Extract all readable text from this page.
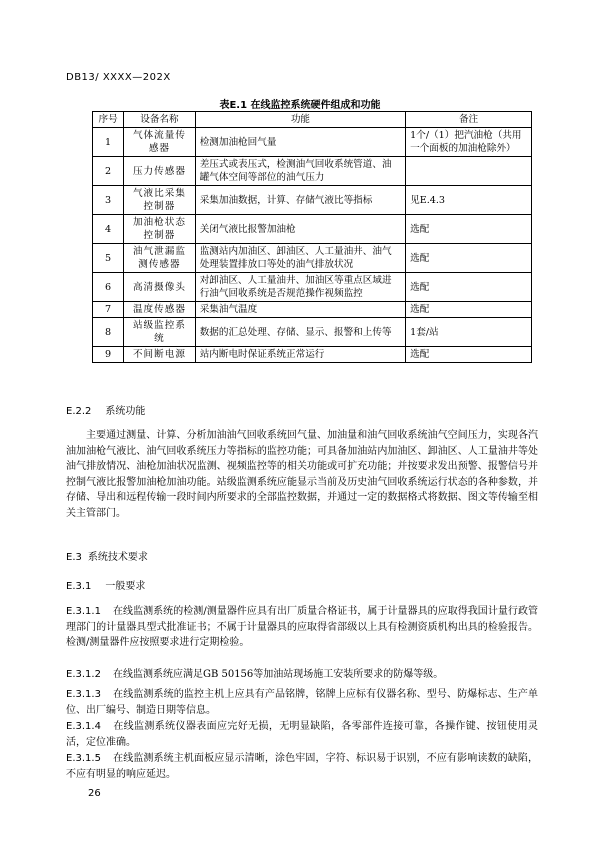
DB13/ XXXX—202X
表E.1 在线监控系统硬件组成和功能
序号	设备名称	功能	备注
1	气体流量传感器	检测加油枪回气量	1个/（1）把汽油枪（共用一个面板的加油枪除外）
2	压力传感器	差压式或表压式，检测油气回收系统管道、油罐气体空间等部位的油气压力	
3	气液比采集控制器	采集加油数据，计算、存储气液比等指标	见E.4.3
4	加油枪状态控制器	关闭气液比报警加油枪	选配
5	油气泄漏监测传感器	监测站内加油区、卸油区、人工量油井、油气处理装置排放口等处的油气排放状况	选配
6	高清摄像头	对卸油区、人工量油井、加油区等重点区域进行油气回收系统是否规范操作视频监控	选配
7	温度传感器	采集油气温度	选配
8	站级监控系统	数据的汇总处理、存储、显示、报警和上传等	1套/站
9	不间断电源	站内断电时保证系统正常运行	选配
E.2.2 系统功能
主要通过测量、计算、分析加油油气回收系统回气量、加油量和油气回收系统油气空间压力，实现各汽油加油枪气液比、油气回收系统压力等指标的监控功能；可具备加油站内加油区、卸油区、人工量油井等处油气排放情况、油枪加油状况监测、视频监控等的相关功能或可扩充功能；并按要求发出预警、报警信号并控制气液比报警加油枪加油功能。站级监测系统应能显示当前及历史油气回收系统运行状态的各种参数，并存储、导出和远程传输一段时间内所要求的全部监控数据，并通过一定的数据格式将数据、图文等传输至相关主管部门。
E.3 系统技术要求
E.3.1 一般要求
E.3.1.1 在线监测系统的检测/测量器件应具有出厂质量合格证书，属于计量器具的应取得我国计量行政管理部门的计量器具型式批准证书；不属于计量器具的应取得省部级以上具有检测资质机构出具的检验报告。检测/测量器件应按照要求进行定期检验。
E.3.1.2 在线监测系统应满足GB 50156等加油站现场施工安装所要求的防爆等级。
E.3.1.3 在线监测系统的监控主机上应具有产品铭牌，铭牌上应标有仪器名称、型号、防爆标志、生产单位、出厂编号、制造日期等信息。
E.3.1.4 在线监测系统仪器表面应完好无损，无明显缺陷，各零部件连接可靠，各操作键、按钮使用灵活，定位准确。
E.3.1.5 在线监测系统主机面板应显示清晰，涂色牢固，字符、标识易于识别，不应有影响读数的缺陷，不应有明显的响应延迟。
26
